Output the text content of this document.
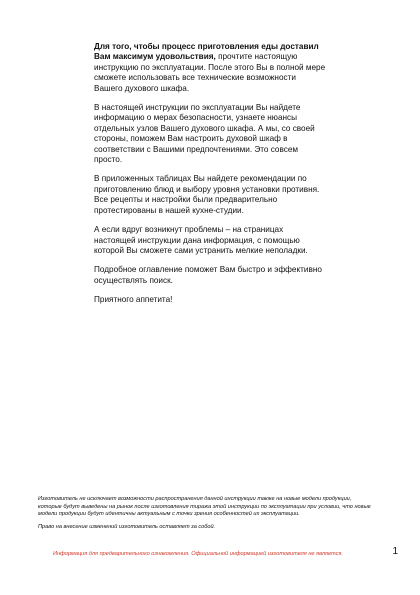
Для того, чтобы процесс приготовления еды доставил Вам максимум удовольствия, прочтите настоящую инструкцию по эксплуатации. После этого Вы в полной мере сможете использовать все технические возможности Вашего духового шкафа.

В настоящей инструкции по эксплуатации Вы найдете информацию о мерах безопасности, узнаете нюансы отдельных узлов Вашего духового шкафа. А мы, со своей стороны, поможем Вам настроить духовой шкаф в соответствии с Вашими предпочтениями. Это совсем просто.

В приложенных таблицах Вы найдете рекомендации по приготовлению блюд и выбору уровня установки противня. Все рецепты и настройки были предварительно протестированы в нашей кухне-студии.

А если вдруг возникнут проблемы – на страницах настоящей инструкции дана информация, с помощью которой Вы сможете сами устранить мелкие неполадки.

Подробное оглавление поможет Вам быстро и эффективно осуществлять поиск.

Приятного аппетита!

Изготовитель не исключает возможности распространения данной инструкции также на новые модели продукции, которые будут выведены на рынок после изготовления тиража этой инструкции по эксплуатации при условии, что новые модели продукции будут идентичны актуальным с точки зрения особенностей их эксплуатации.

Право на внесение изменений изготовитель оставляет за собой.

Информация для предварительного ознакомления. Официальной информацией изготовителя не является.	1
